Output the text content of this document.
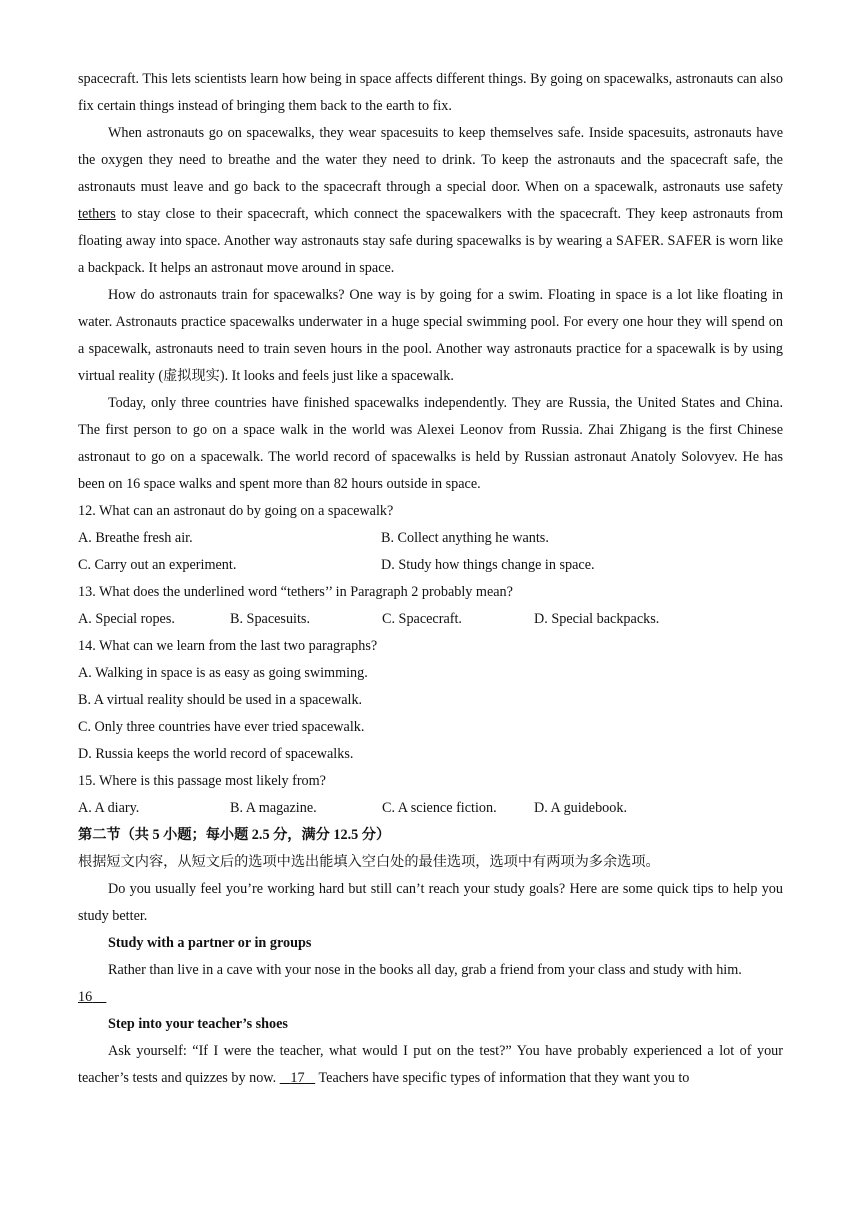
spacecraft. This lets scientists learn how being in space affects different things. By going on spacewalks, astronauts can also fix certain things instead of bringing them back to the earth to fix.

When astronauts go on spacewalks, they wear spacesuits to keep themselves safe. Inside spacesuits, astronauts have the oxygen they need to breathe and the water they need to drink. To keep the astronauts and the spacecraft safe, the astronauts must leave and go back to the spacecraft through a special door. When on a spacewalk, astronauts use safety tethers to stay close to their spacecraft, which connect the spacewalkers with the spacecraft. They keep astronauts from floating away into space. Another way astronauts stay safe during spacewalks is by wearing a SAFER. SAFER is worn like a backpack. It helps an astronaut move around in space.

How do astronauts train for spacewalks? One way is by going for a swim. Floating in space is a lot like floating in water. Astronauts practice spacewalks underwater in a huge special swimming pool. For every one hour they will spend on a spacewalk, astronauts need to train seven hours in the pool. Another way astronauts practice for a spacewalk is by using virtual reality (虚拟现实). It looks and feels just like a spacewalk.

Today, only three countries have finished spacewalks independently. They are Russia, the United States and China. The first person to go on a space walk in the world was Alexei Leonov from Russia. Zhai Zhigang is the first Chinese astronaut to go on a spacewalk. The world record of spacewalks is held by Russian astronaut Anatoly Solovyev. He has been on 16 space walks and spent more than 82 hours outside in space.

12. What can an astronaut do by going on a spacewalk?

A. Breathe fresh air.	B. Collect anything he wants.
C. Carry out an experiment.	D. Study how things change in space.

13. What does the underlined word “tethers’’ in Paragraph 2 probably mean?

A. Special ropes.	B. Spacesuits.	C. Spacecraft.	D. Special backpacks.

14. What can we learn from the last two paragraphs?

A. Walking in space is as easy as going swimming.

B. A virtual reality should be used in a spacewalk.

C. Only three countries have ever tried spacewalk.

D. Russia keeps the world record of spacewalks.

15. Where is this passage most likely from?

A. A diary.	B. A magazine.	C. A science fiction.	D. A guidebook.

第二节（共 5 小题；每小题 2.5 分，满分 12.5 分）

根据短文内容，从短文后的选项中选出能填入空白处的最佳选项，选项中有两项为多余选项。

Do you usually feel you’re working hard but still can’t reach your study goals? Here are some quick tips to help you study better.

Study with a partner or in groups

Rather than live in a cave with your nose in the books all day, grab a friend from your class and study with him.

16

Step into your teacher’s shoes

Ask yourself: “If I were the teacher, what would I put on the test?” You have probably experienced a lot of your teacher’s tests and quizzes by now.    17    Teachers have specific types of information that they want you to
